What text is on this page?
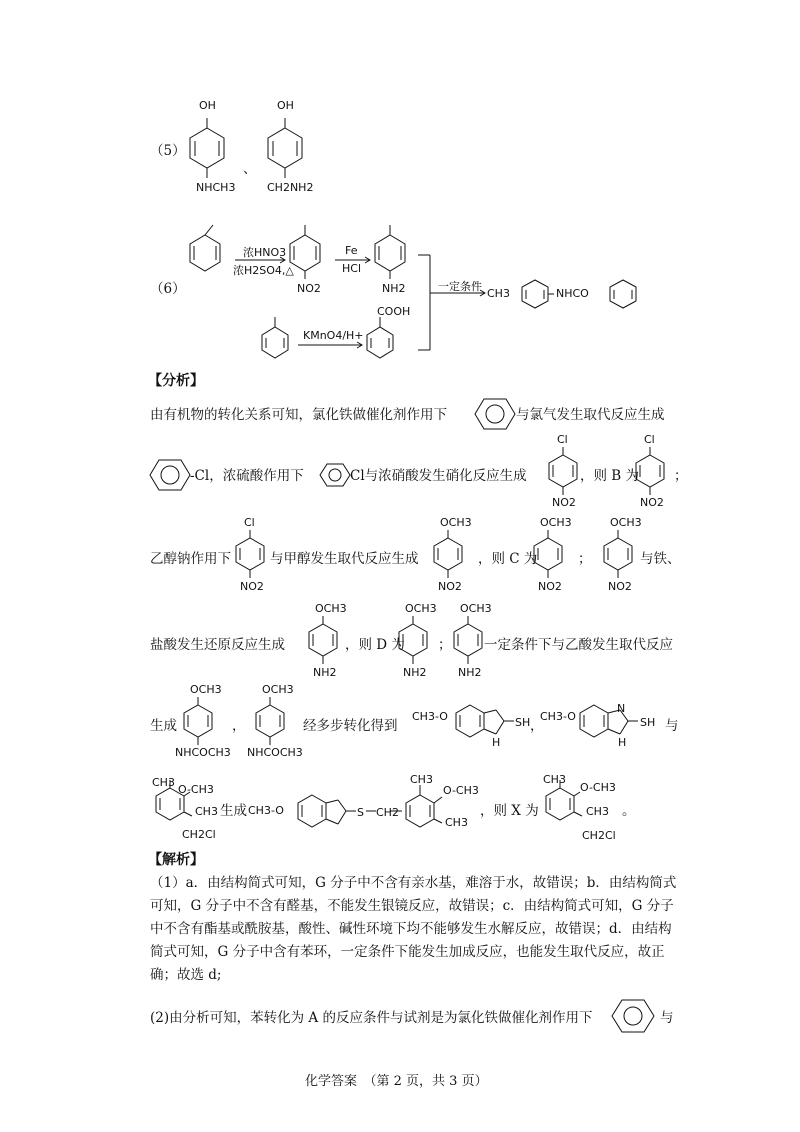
（5）
OH
NHCH3
、
OH
CH2NH2
（6）
浓HNO3
浓H2SO4,△
Fe
HCl
NO2	NH2	一定条件
CH3	NHCO
KMnO4/H+
COOH
【分析】
由有机物的转化关系可知，氯化铁做催化剂作用下	与氯气发生取代反应生成
-Cl，浓硫酸作用下	Cl与浓硝酸发生硝化反应生成
Cl
NO2
，则 B 为
Cl
NO2
；
乙醇钠作用下
Cl
NO2
与甲醇发生取代反应生成
OCH3
NO2
，则 C 为
OCH3
NO2
；
OCH3
NO2
与铁、
盐酸发生还原反应生成
OCH3
NH2
，则 D 为
OCH3
NH2
；
OCH3
NH2
一定条件下与乙酸发生取代反应
生成
OCH3
NHCOCH3
，
OCH3
NHCOCH3
经多步转化得到
CH3-O	SH
H
，
CH3-O
N
SH
H
与
CH3
O-CH3
CH3
CH2Cl
生成 CH3-O	S CH2
CH3
O-CH3
CH3
，则 X 为
CH3
O-CH3
CH3
CH2Cl
。
【解析】
（1）a．由结构简式可知，G 分子中不含有亲水基，难溶于水，故错误；b．由结构简式可知，G 分子中不含有醛基，不能发生银镜反应，故错误；c．由结构简式可知，G 分子中不含有酯基或酰胺基，酸性、碱性环境下均不能够发生水解反应，故错误；d．由结构简式可知，G 分子中含有苯环，一定条件下能发生加成反应，也能发生取代反应，故正确；故选 d;
(2)由分析可知，苯转化为 A 的反应条件与试剂是为氯化铁做催化剂作用下	与
化学答案　（第 2 页，共 3 页）
